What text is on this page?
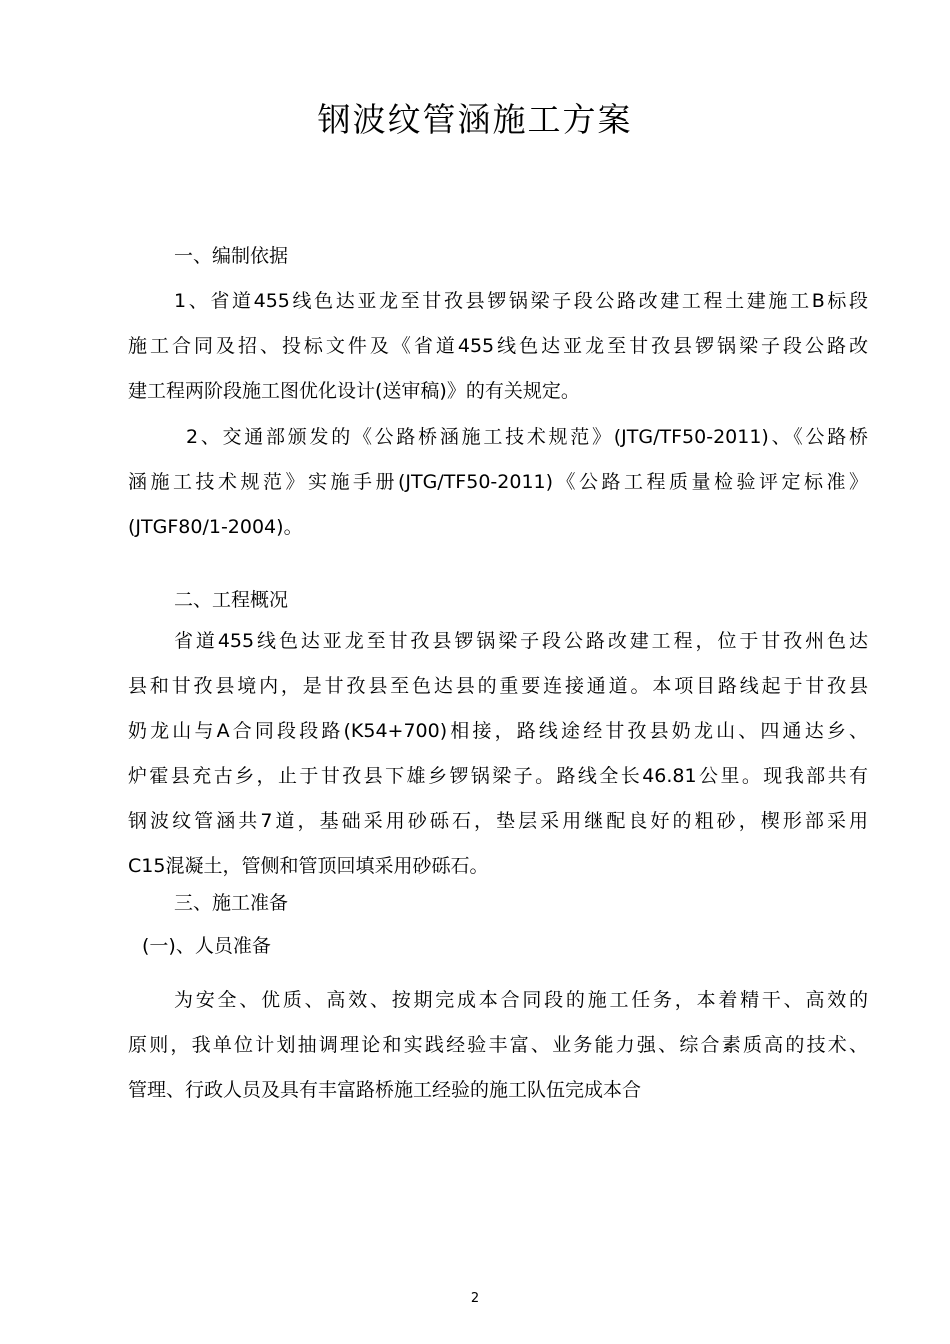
钢波纹管涵施工方案
一、编制依据
1、省道455线色达亚龙至甘孜县锣锅梁子段公路改建工程土建施工B标段
施工合同及招、投标文件及《省道455线色达亚龙至甘孜县锣锅梁子段公路改
建工程两阶段施工图优化设计(送审稿)》的有关规定。
2、交通部颁发的《公路桥涵施工技术规范》(JTG/TF50-2011)、《公路桥
涵施工技术规范》实施手册(JTG/TF50-2011)《公路工程质量检验评定标准》
(JTGF80/1-2004)。
二、工程概况
省道455线色达亚龙至甘孜县锣锅梁子段公路改建工程，位于甘孜州色达
县和甘孜县境内，是甘孜县至色达县的重要连接通道。本项目路线起于甘孜县
奶龙山与A合同段段路(K54+700)相接，路线途经甘孜县奶龙山、四通达乡、
炉霍县充古乡，止于甘孜县下雄乡锣锅梁子。路线全长46.81公里。现我部共有
钢波纹管涵共7道，基础采用砂砾石，垫层采用继配良好的粗砂，楔形部采用
C15混凝土，管侧和管顶回填采用砂砾石。
三、施工准备
(一)、人员准备
为安全、优质、高效、按期完成本合同段的施工任务，本着精干、高效的
原则，我单位计划抽调理论和实践经验丰富、业务能力强、综合素质高的技术、
管理、行政人员及具有丰富路桥施工经验的施工队伍完成本合
2
